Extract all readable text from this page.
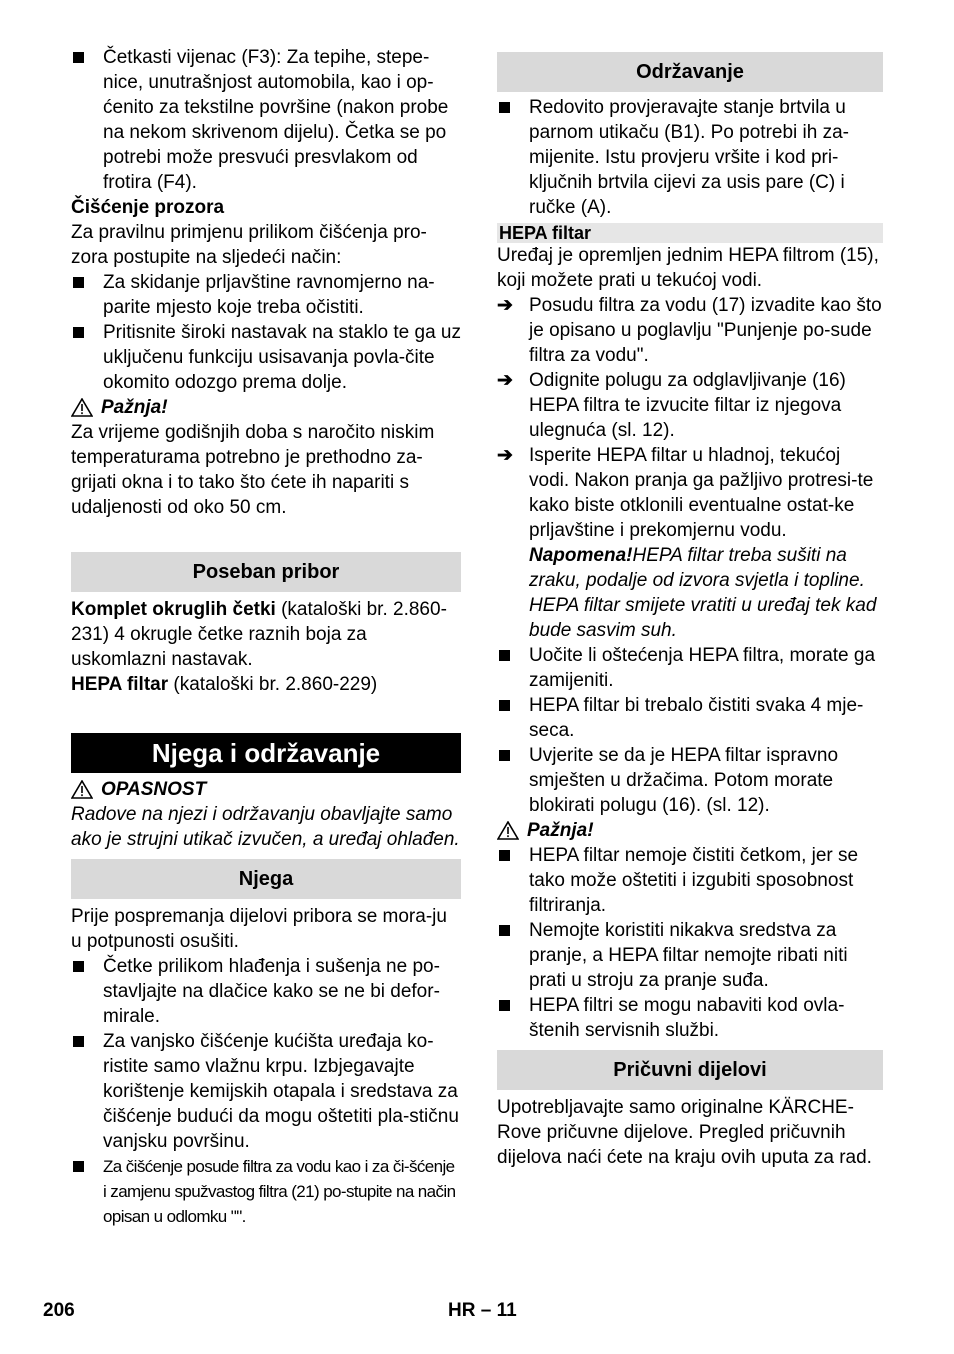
Četkasti vijenac (F3): Za tepihe, stepe-nice, unutrašnjost automobila, kao i op-ćenito za tekstilne površine (nakon probe na nekom skrivenom dijelu). Četka se po potrebi može presvući presvlakom od frotira (F4).

Čišćenje prozora

Za pravilnu primjenu prilikom čišćenja pro-zora postupite na sljedeći način:

Za skidanje prljavštine ravnomjerno na-parite mjesto koje treba očistiti.

Pritisnite široki nastavak na staklo te ga uz uključenu funkciju usisavanja povla-čite okomito odozgo prema dolje.

Pažnja!

Za vrijeme godišnjih doba s naročito niskim temperaturama potrebno je prethodno za-grijati okna i to tako što ćete ih napariti s udaljenosti od oko 50 cm.

Poseban pribor

Komplet okruglih četki (kataloški br. 2.860-231) 4 okrugle četke raznih boja za uskomlazni nastavak.

HEPA filtar (kataloški br. 2.860-229)

Njega i održavanje
OPASNOST

Radove na njezi i održavanju obavljajte samo ako je strujni utikač izvučen, a uređaj ohlađen.

Njega

Prije pospremanja dijelovi pribora se mora-ju u potpunosti osušiti.

Četke prilikom hlađenja i sušenja ne po-stavljajte na dlačice kako se ne bi defor-mirale.

Za vanjsko čišćenje kućišta uređaja ko-ristite samo vlažnu krpu. Izbjegavajte korištenje kemijskih otapala i sredstava za čišćenje budući da mogu oštetiti pla-stičnu vanjsku površinu.

Za čišćenje posude filtra za vodu kao i za či-šćenje i zamjenu spužvastog filtra (21) po-stupite na način opisan u odlomku "".

Održavanje

Redovito provjeravajte stanje brtvila u parnom utikaču (B1). Po potrebi ih za-mijenite. Istu provjeru vršite i kod pri-ključnih brtvila cijevi za usis pare (C) i ručke (A).

HEPA filtar

Uređaj je opremljen jednim HEPA filtrom (15), koji možete prati u tekućoj vodi.

➔ Posudu filtra za vodu (17) izvadite kao što je opisano u poglavlju "Punjenje po-sude filtra za vodu".

➔ Odignite polugu za odglavljivanje (16) HEPA filtra te izvucite filtar iz njegova ulegnuća (sl. 12).

➔ Isperite HEPA filtar u hladnoj, tekućoj vodi. Nakon pranja ga pažljivo protresi-te kako biste otklonili eventualne ostat-ke prljavštine i prekomjernu vodu.

Napomena!HEPA filtar treba sušiti na zraku, podalje od izvora svjetla i topline. HEPA filtar smijete vratiti u uređaj tek kad bude sasvim suh.

Uočite li oštećenja HEPA filtra, morate ga zamijeniti.

HEPA filtar bi trebalo čistiti svaka 4 mje-seca.

Uvjerite se da je HEPA filtar ispravno smješten u držačima. Potom morate blokirati polugu (16). (sl. 12).

Pažnja!

HEPA filtar nemoje čistiti četkom, jer se tako može oštetiti i izgubiti sposobnost filtriranja.

Nemojte koristiti nikakva sredstva za pranje, a HEPA filtar nemojte ribati niti prati u stroju za pranje suđa.

HEPA filtri se mogu nabaviti kod ovla-štenih servisnih službi.

Pričuvni dijelovi

Upotrebljavajte samo originalne KÄRCHE-Rove pričuvne dijelove. Pregled pričuvnih dijelova naći ćete na kraju ovih uputa za rad.

206	HR – 11
